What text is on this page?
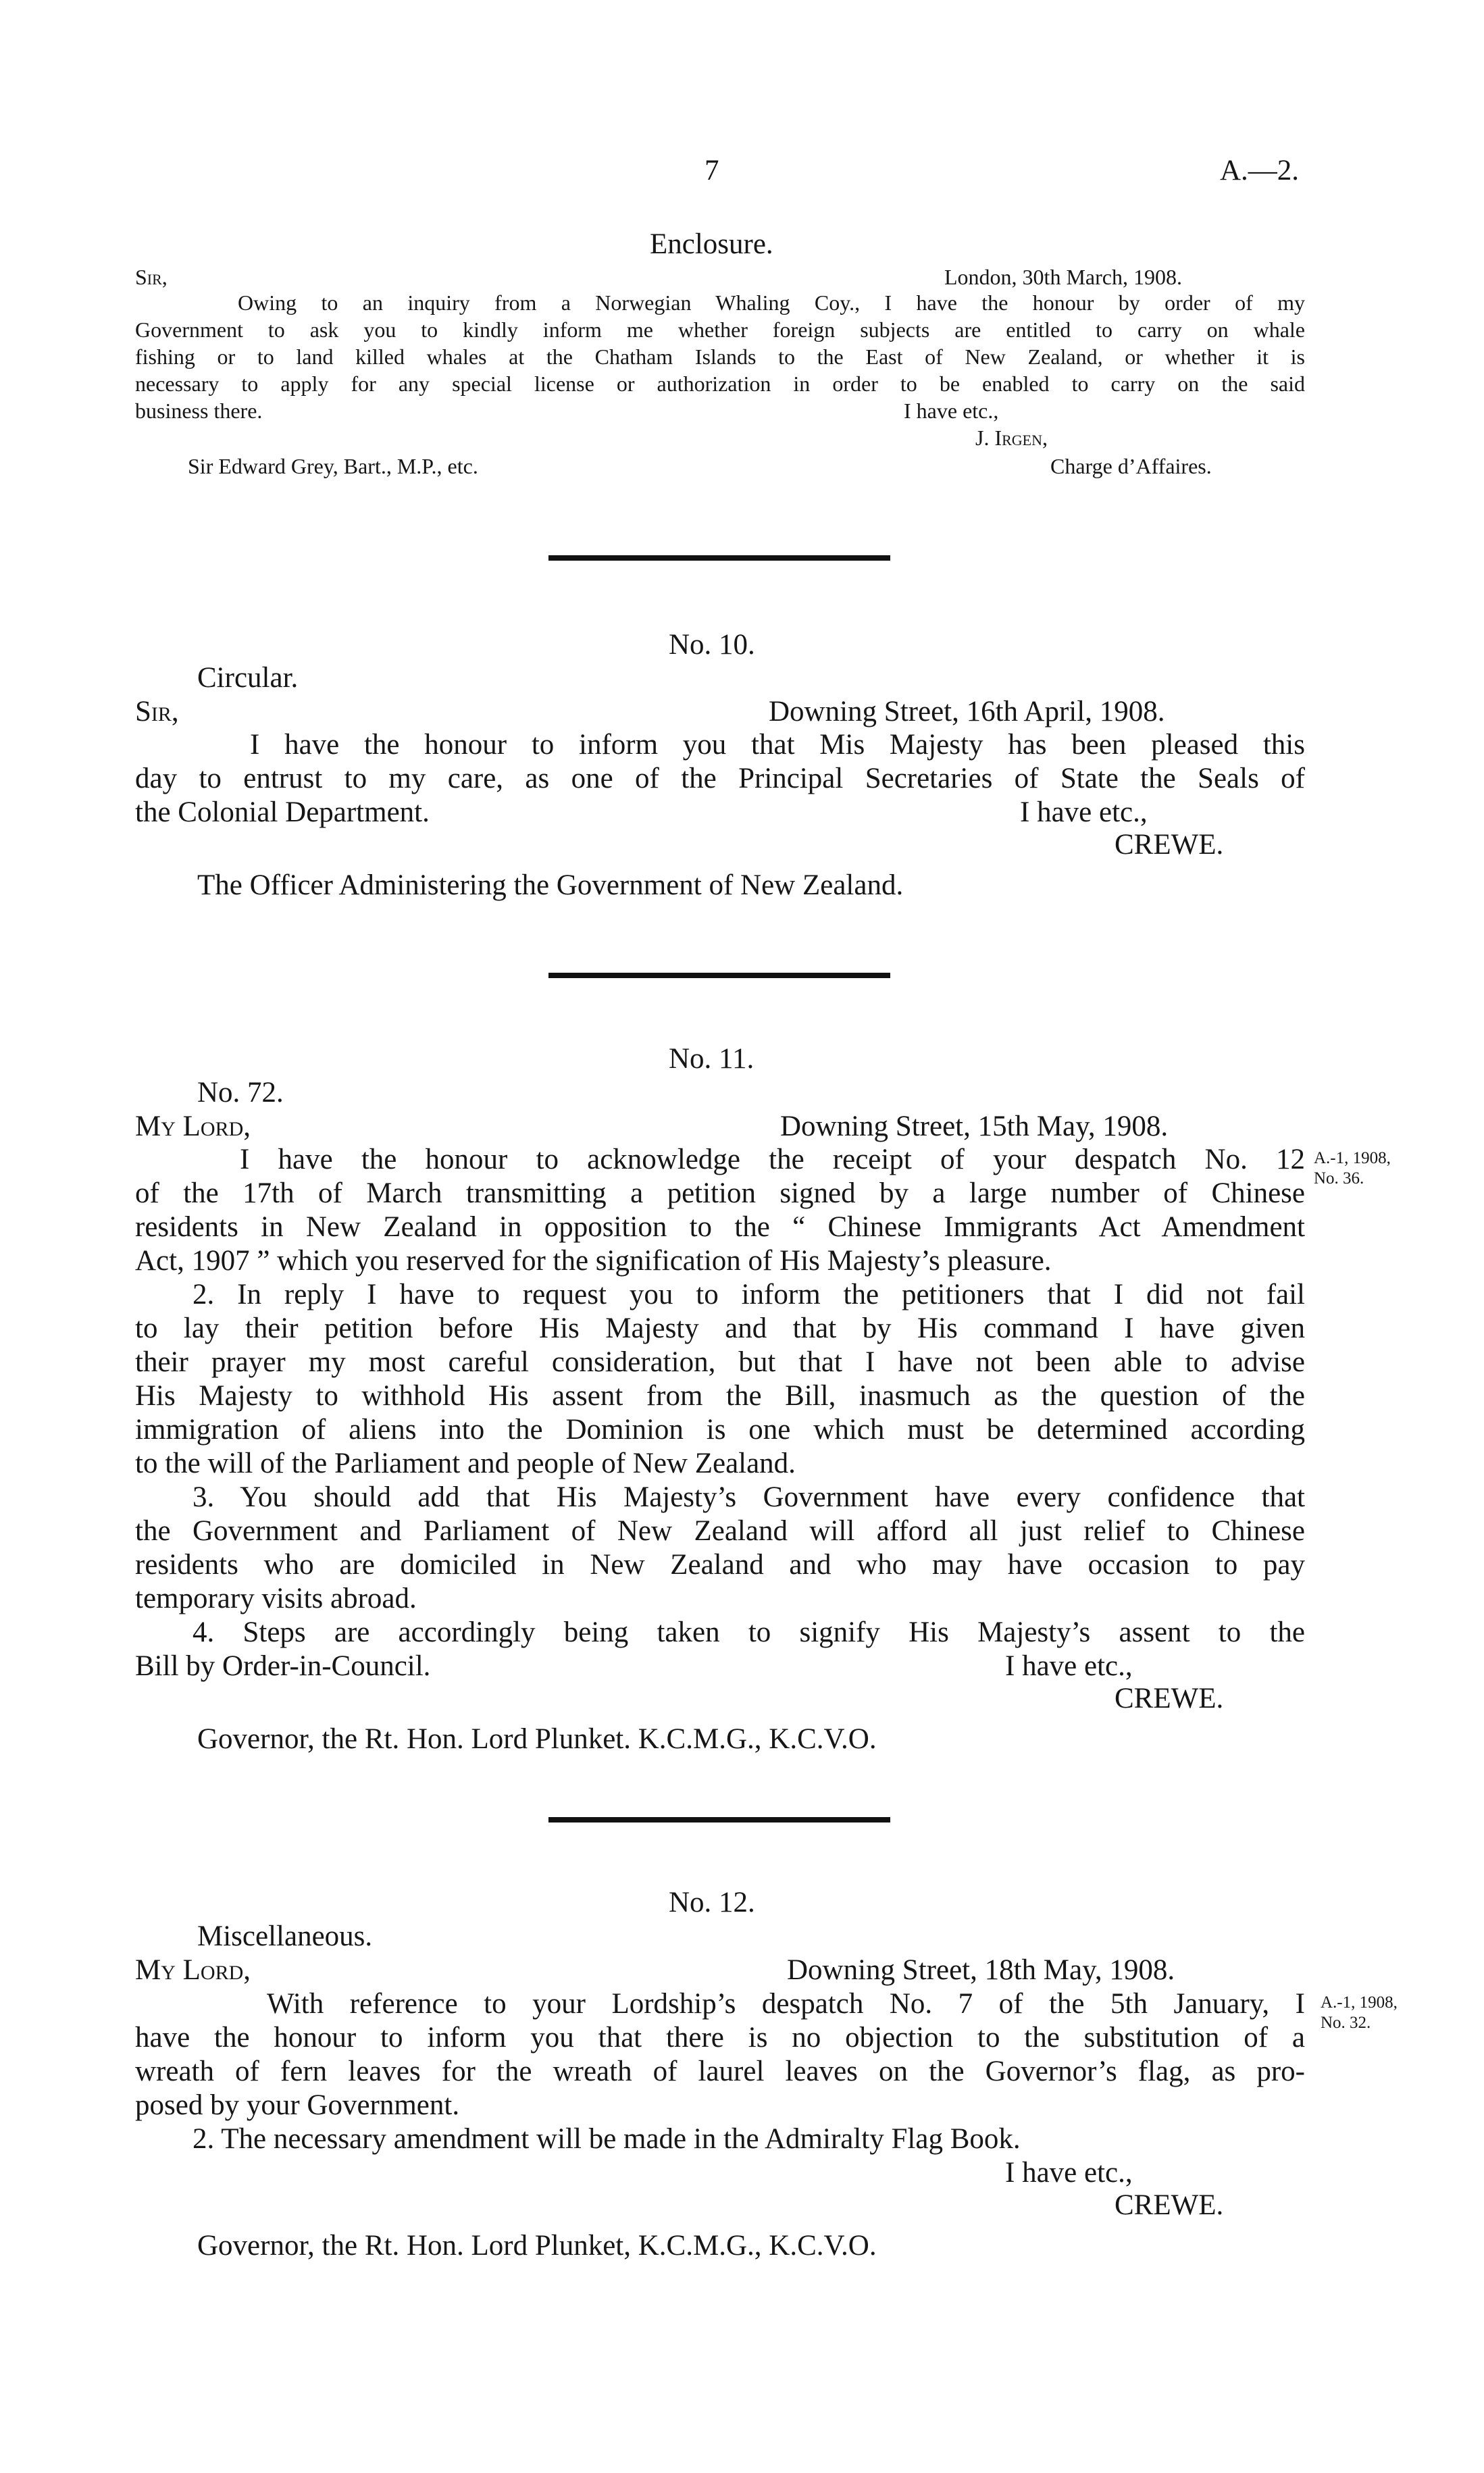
7	A.—2.
Enclosure.
Sir,	London, 30th March, 1908.
Owing to an inquiry from a Norwegian Whaling Coy., I have the honour by order of my
Government to ask you to kindly inform me whether foreign subjects are entitled to carry on whale
fishing or to land killed whales at the Chatham Islands to the East of New Zealand, or whether it is
necessary to apply for any special license or authorization in order to be enabled to carry on the said
business there.	I have etc.,
J. Irgen,
Sir Edward Grey, Bart., M.P., etc.	Charge d’Affaires.
No. 10.
Circular.
Sir,	Downing Street, 16th April, 1908.
I have the honour to inform you that Mis Majesty has been pleased this
day to entrust to my care, as one of the Principal Secretaries of State the Seals of
the Colonial Department.	I have etc.,
CREWE.
The Officer Administering the Government of New Zealand.
No. 11.
No. 72.
My Lord,	Downing Street, 15th May, 1908.
I have the honour to acknowledge the receipt of your despatch No. 12
of the 17th of March transmitting a petition signed by a large number of Chinese
residents in New Zealand in opposition to the “ Chinese Immigrants Act Amendment
Act, 1907 ” which you reserved for the signification of His Majesty’s pleasure.
2. In reply I have to request you to inform the petitioners that I did not fail
to lay their petition before His Majesty and that by His command I have given
their prayer my most careful consideration, but that I have not been able to advise
His Majesty to withhold His assent from the Bill, inasmuch as the question of the
immigration of aliens into the Dominion is one which must be determined according
to the will of the Parliament and people of New Zealand.
3. You should add that His Majesty’s Government have every confidence that
the Government and Parliament of New Zealand will afford all just relief to Chinese
residents who are domiciled in New Zealand and who may have occasion to pay
temporary visits abroad.
4. Steps are accordingly being taken to signify His Majesty’s assent to the
Bill by Order-in-Council.	I have etc.,
CREWE.
Governor, the Rt. Hon. Lord Plunket. K.C.M.G., K.C.V.O.
A.-1, 1908,
No. 36.
No. 12.
Miscellaneous.
My Lord,	Downing Street, 18th May, 1908.
With reference to your Lordship’s despatch No. 7 of the 5th January, I
have the honour to inform you that there is no objection to the substitution of a
wreath of fern leaves for the wreath of laurel leaves on the Governor’s flag, as pro-
posed by your Government.
2. The necessary amendment will be made in the Admiralty Flag Book.
I have etc.,
CREWE.
Governor, the Rt. Hon. Lord Plunket, K.C.M.G., K.C.V.O.
A.-1, 1908,
No. 32.
